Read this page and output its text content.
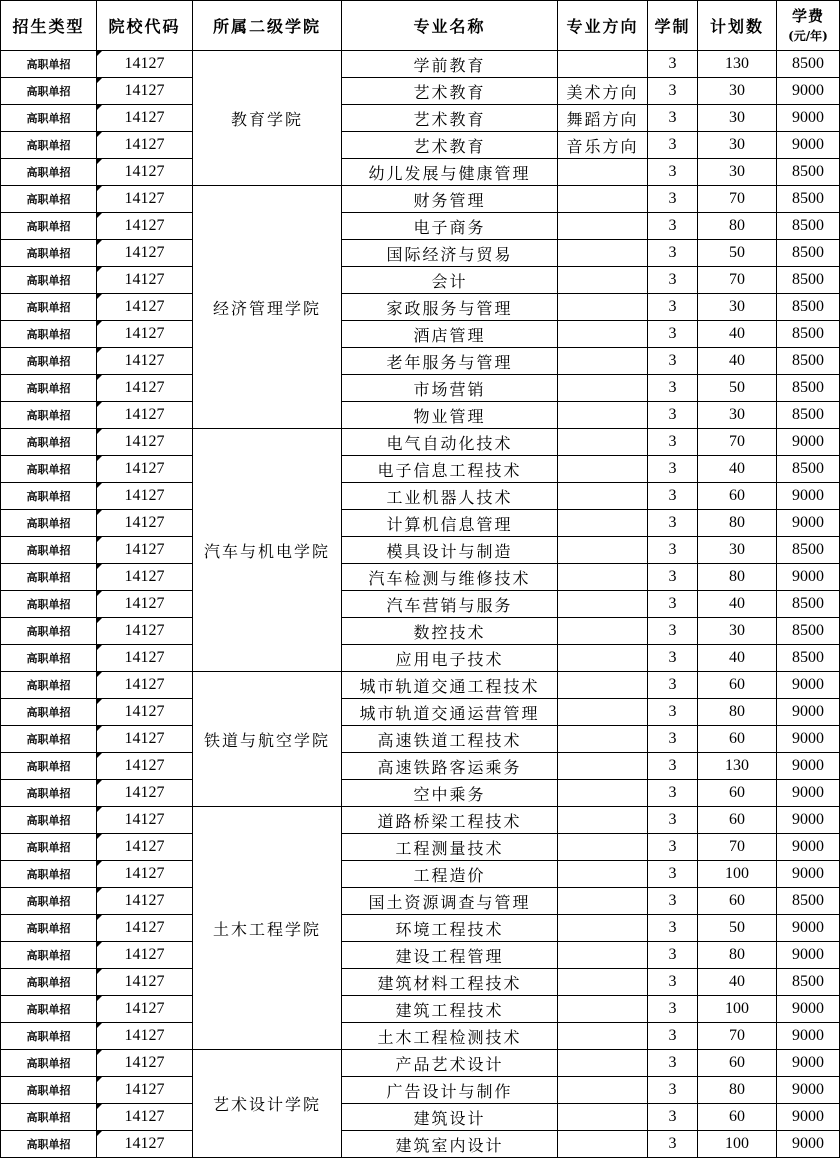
招生类型	院校代码	所属二级学院	专业名称	专业方向	学制	计划数	学费
(元/年)

高职单招	14127	教育学院	学前教育		3	130	8500
高职单招	14127		艺术教育	美术方向	3	30	9000
高职单招	14127		艺术教育	舞蹈方向	3	30	9000
高职单招	14127		艺术教育	音乐方向	3	30	9000
高职单招	14127		幼儿发展与健康管理		3	30	8500
高职单招	14127	经济管理学院	财务管理		3	70	8500
高职单招	14127		电子商务		3	80	8500
高职单招	14127		国际经济与贸易		3	50	8500
高职单招	14127		会计		3	70	8500
高职单招	14127		家政服务与管理		3	30	8500
高职单招	14127		酒店管理		3	40	8500
高职单招	14127		老年服务与管理		3	40	8500
高职单招	14127		市场营销		3	50	8500
高职单招	14127		物业管理		3	30	8500
高职单招	14127	汽车与机电学院	电气自动化技术		3	70	9000
高职单招	14127		电子信息工程技术		3	40	8500
高职单招	14127		工业机器人技术		3	60	9000
高职单招	14127		计算机信息管理		3	80	9000
高职单招	14127		模具设计与制造		3	30	8500
高职单招	14127		汽车检测与维修技术		3	80	9000
高职单招	14127		汽车营销与服务		3	40	8500
高职单招	14127		数控技术		3	30	8500
高职单招	14127		应用电子技术		3	40	8500
高职单招	14127	铁道与航空学院	城市轨道交通工程技术		3	60	9000
高职单招	14127		城市轨道交通运营管理		3	80	9000
高职单招	14127		高速铁道工程技术		3	60	9000
高职单招	14127		高速铁路客运乘务		3	130	9000
高职单招	14127		空中乘务		3	60	9000
高职单招	14127	土木工程学院	道路桥梁工程技术		3	60	9000
高职单招	14127		工程测量技术		3	70	9000
高职单招	14127		工程造价		3	100	9000
高职单招	14127		国土资源调查与管理		3	60	8500
高职单招	14127		环境工程技术		3	50	9000
高职单招	14127		建设工程管理		3	80	9000
高职单招	14127		建筑材料工程技术		3	40	8500
高职单招	14127		建筑工程技术		3	100	9000
高职单招	14127		土木工程检测技术		3	70	9000
高职单招	14127	艺术设计学院	产品艺术设计		3	60	9000
高职单招	14127		广告设计与制作		3	80	9000
高职单招	14127		建筑设计		3	60	9000
高职单招	14127		建筑室内设计		3	100	9000
